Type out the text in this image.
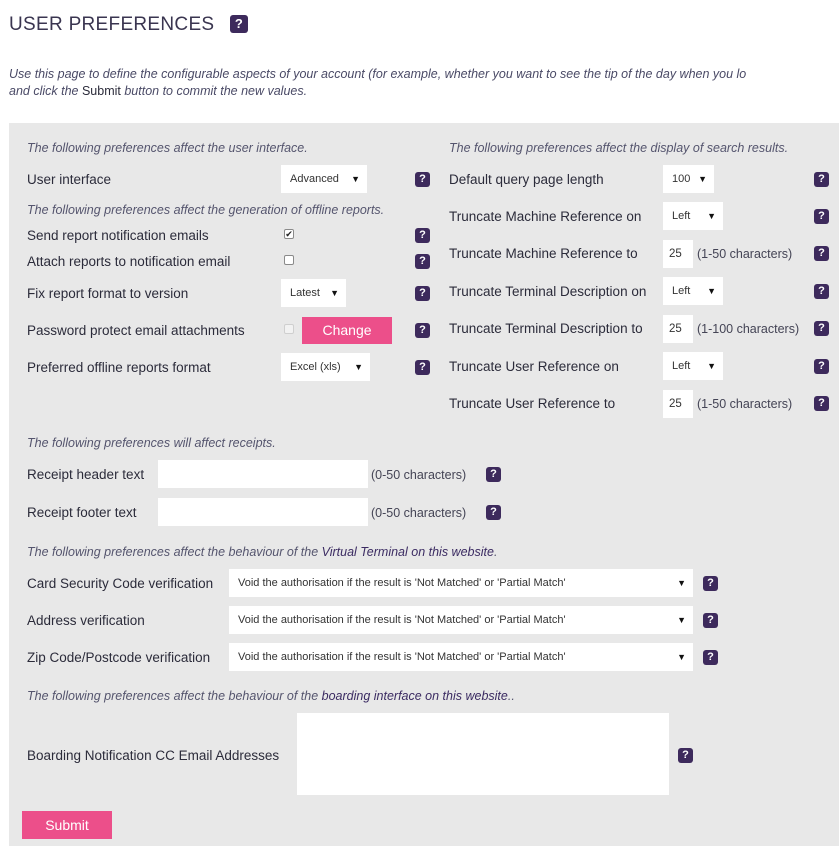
USER PREFERENCES ?
Use this page to define the configurable aspects of your account (for example, whether you want to see the tip of the day when you lo
and click the Submit button to commit the new values.
The following preferences affect the user interface.
User interface	Advanced ▼	?
The following preferences affect the generation of offline reports.
Send report notification emails	✔	?
Attach reports to notification email	?
Fix report format to version	Latest ▼	?
Password protect email attachments	Change	?
Preferred offline reports format	Excel (xls) ▼	?
The following preferences affect the display of search results.
Default query page length	100 ▼	?
Truncate Machine Reference on	Left ▼	?
Truncate Machine Reference to	25	(1-50 characters)	?
Truncate Terminal Description on	Left ▼	?
Truncate Terminal Description to	25	(1-100 characters)	?
Truncate User Reference on	Left ▼	?
Truncate User Reference to	25	(1-50 characters)	?
The following preferences will affect receipts.
Receipt header text	(0-50 characters)	?
Receipt footer text	(0-50 characters)	?
The following preferences affect the behaviour of the Virtual Terminal on this website.
Card Security Code verification	Void the authorisation if the result is 'Not Matched' or 'Partial Match'	▼	?
Address verification	Void the authorisation if the result is 'Not Matched' or 'Partial Match'	▼	?
Zip Code/Postcode verification	Void the authorisation if the result is 'Not Matched' or 'Partial Match'	▼	?
The following preferences affect the behaviour of the boarding interface on this website..
Boarding Notification CC Email Addresses	?
Submit
